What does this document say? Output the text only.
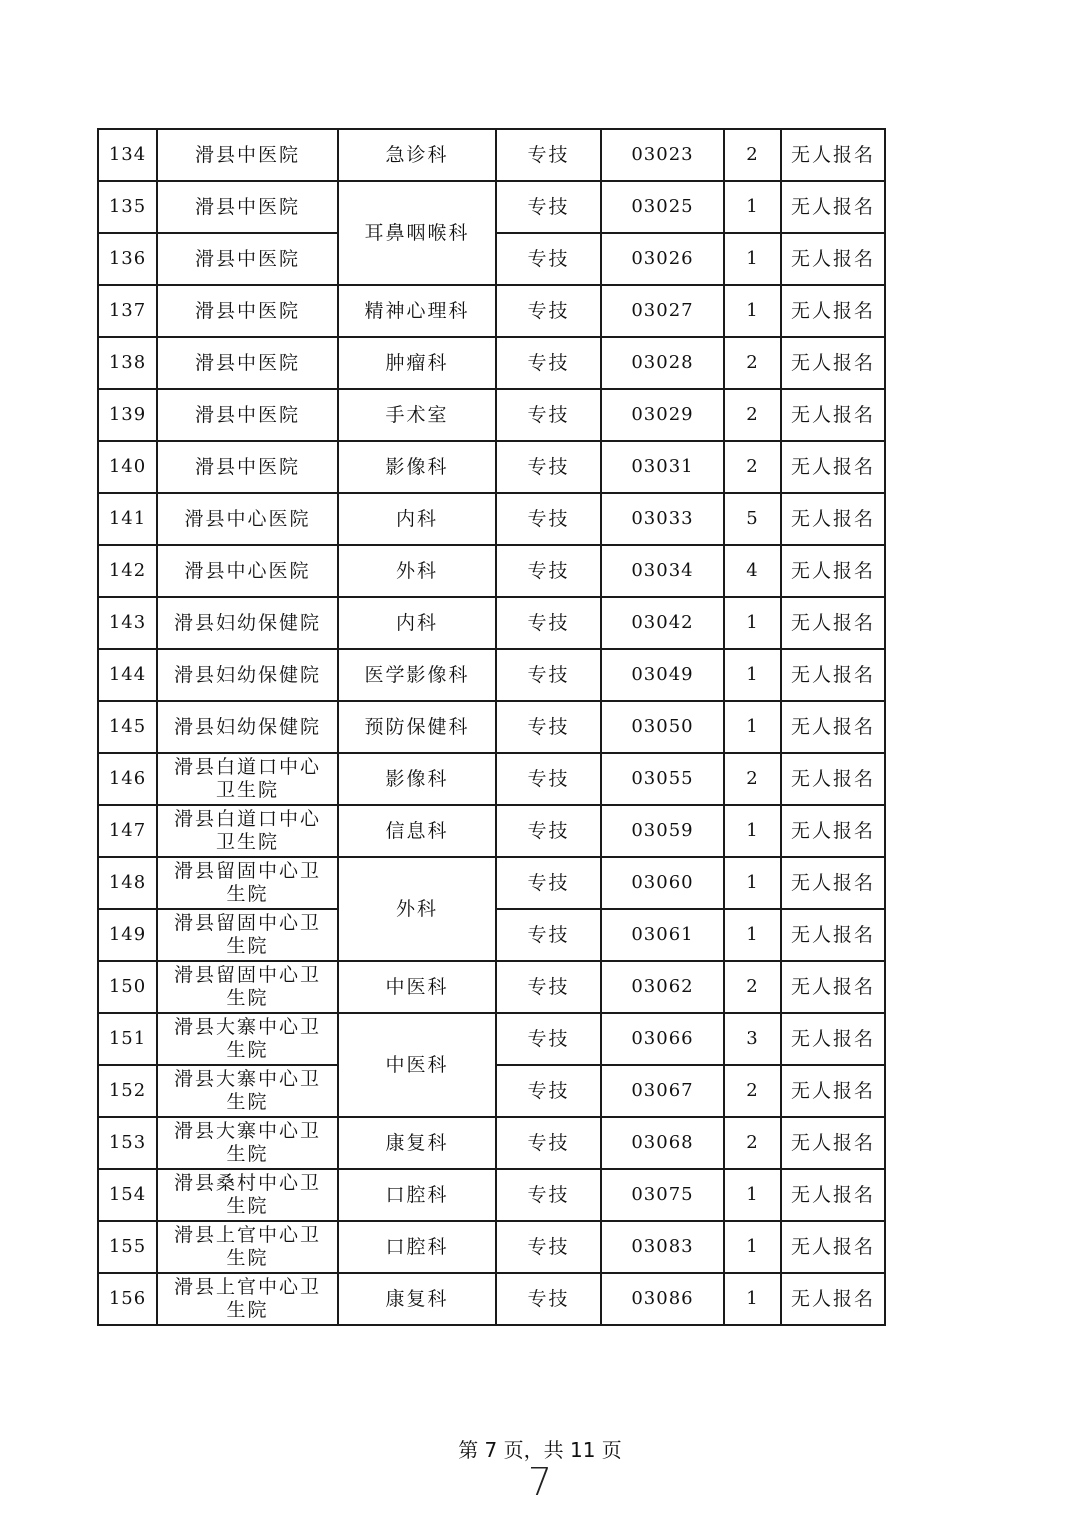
134	滑县中医院	急诊科	专技	03023	2	无人报名
135	滑县中医院	耳鼻咽喉科	专技	03025	1	无人报名
136	滑县中医院		专技	03026	1	无人报名
137	滑县中医院	精神心理科	专技	03027	1	无人报名
138	滑县中医院	肿瘤科	专技	03028	2	无人报名
139	滑县中医院	手术室	专技	03029	2	无人报名
140	滑县中医院	影像科	专技	03031	2	无人报名
141	滑县中心医院	内科	专技	03033	5	无人报名
142	滑县中心医院	外科	专技	03034	4	无人报名
143	滑县妇幼保健院	内科	专技	03042	1	无人报名
144	滑县妇幼保健院	医学影像科	专技	03049	1	无人报名
145	滑县妇幼保健院	预防保健科	专技	03050	1	无人报名
146	滑县白道口中心卫生院	影像科	专技	03055	2	无人报名
147	滑县白道口中心卫生院	信息科	专技	03059	1	无人报名
148	滑县留固中心卫生院	外科	专技	03060	1	无人报名
149	滑县留固中心卫生院		专技	03061	1	无人报名
150	滑县留固中心卫生院	中医科	专技	03062	2	无人报名
151	滑县大寨中心卫生院	中医科	专技	03066	3	无人报名
152	滑县大寨中心卫生院		专技	03067	2	无人报名
153	滑县大寨中心卫生院	康复科	专技	03068	2	无人报名
154	滑县桑村中心卫生院	口腔科	专技	03075	1	无人报名
155	滑县上官中心卫生院	口腔科	专技	03083	1	无人报名
156	滑县上官中心卫生院	康复科	专技	03086	1	无人报名
第 7 页，共 11 页
7
